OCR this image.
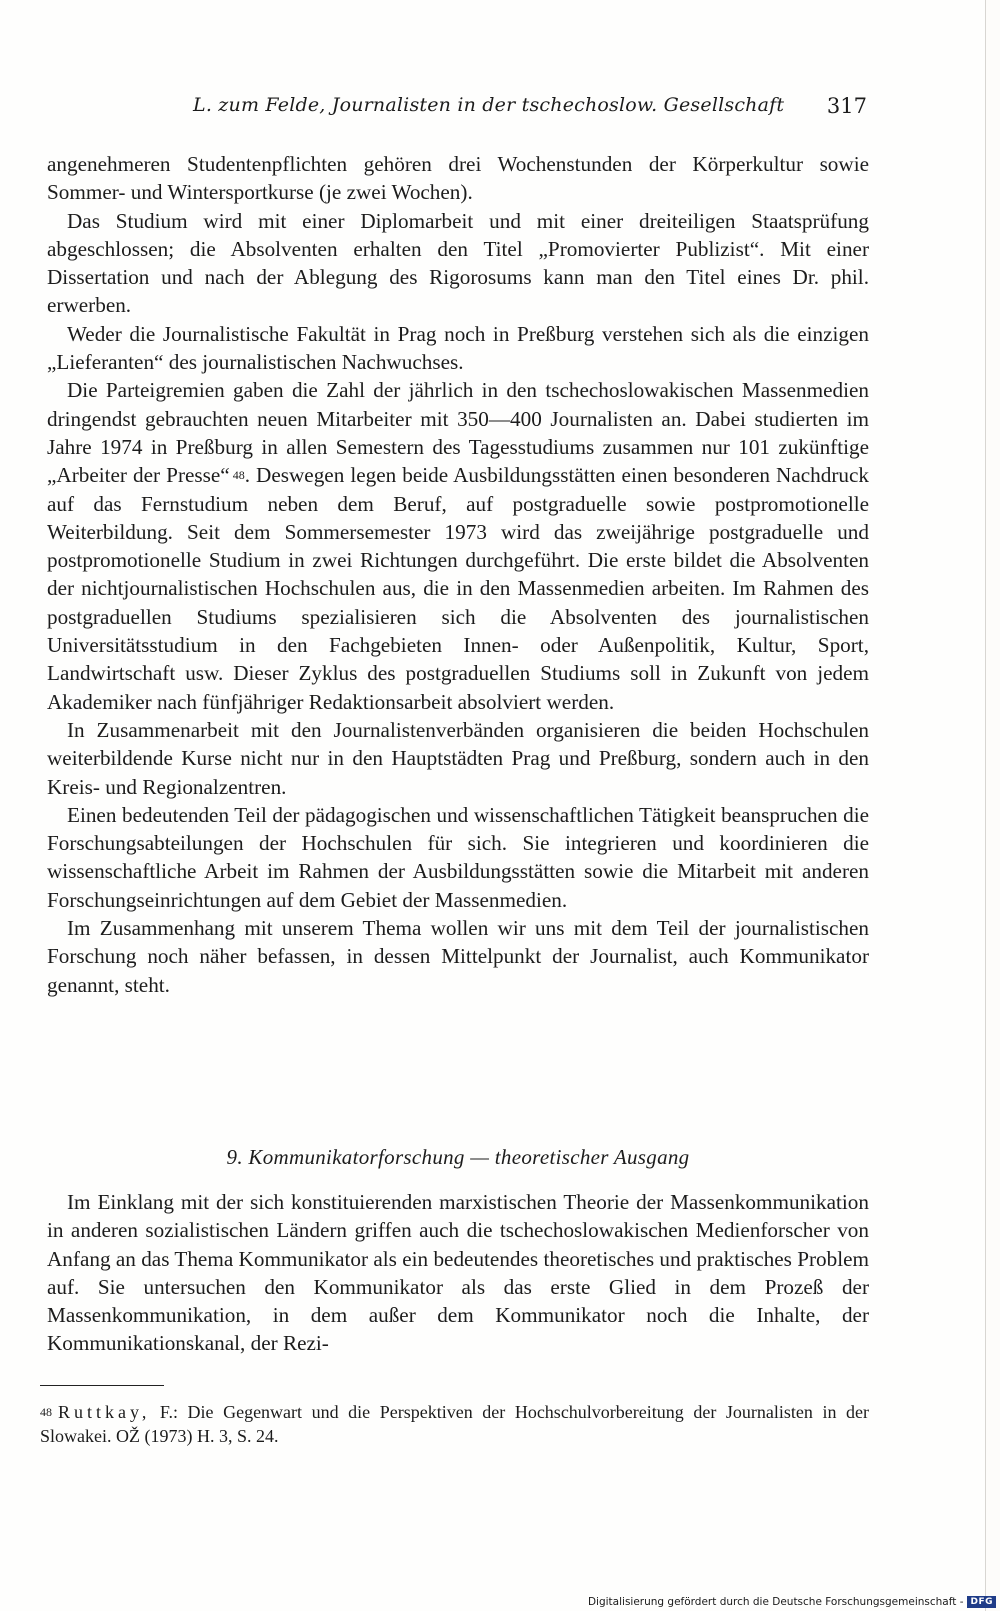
L. zum Felde, Journalisten in der tschechoslow. Gesellschaft 317

angenehmeren Studentenpflichten gehören drei Wochenstunden der Körperkultur sowie Sommer- und Wintersportkurse (je zwei Wochen).

Das Studium wird mit einer Diplomarbeit und mit einer dreiteiligen Staatsprüfung abgeschlossen; die Absolventen erhalten den Titel „Promovierter Publizist“. Mit einer Dissertation und nach der Ablegung des Rigorosums kann man den Titel eines Dr. phil. erwerben.

Weder die Journalistische Fakultät in Prag noch in Preßburg verstehen sich als die einzigen „Lieferanten“ des journalistischen Nachwuchses.

Die Parteigremien gaben die Zahl der jährlich in den tschechoslowakischen Massenmedien dringendst gebrauchten neuen Mitarbeiter mit 350—400 Journalisten an. Dabei studierten im Jahre 1974 in Preßburg in allen Semestern des Tagesstudiums zusammen nur 101 zukünftige „Arbeiter der Presse“ $^{48}$. Deswegen legen beide Ausbildungsstätten einen besonderen Nachdruck auf das Fernstudium neben dem Beruf, auf postgraduelle sowie postpromotionelle Weiterbildung. Seit dem Sommersemester 1973 wird das zweijährige postgraduelle und postpromotionelle Studium in zwei Richtungen durchgeführt. Die erste bildet die Absolventen der nichtjournalistischen Hochschulen aus, die in den Massenmedien arbeiten. Im Rahmen des postgraduellen Studiums spezialisieren sich die Absolventen des journalistischen Universitätsstudium in den Fachgebieten Innen- oder Außenpolitik, Kultur, Sport, Landwirtschaft usw. Dieser Zyklus des postgraduellen Studiums soll in Zukunft von jedem Akademiker nach fünfjähriger Redaktionsarbeit absolviert werden.

In Zusammenarbeit mit den Journalistenverbänden organisieren die beiden Hochschulen weiterbildende Kurse nicht nur in den Hauptstädten Prag und Preßburg, sondern auch in den Kreis- und Regionalzentren.

Einen bedeutenden Teil der pädagogischen und wissenschaftlichen Tätigkeit beanspruchen die Forschungsabteilungen der Hochschulen für sich. Sie integrieren und koordinieren die wissenschaftliche Arbeit im Rahmen der Ausbildungsstätten sowie die Mitarbeit mit anderen Forschungseinrichtungen auf dem Gebiet der Massenmedien.

Im Zusammenhang mit unserem Thema wollen wir uns mit dem Teil der journalistischen Forschung noch näher befassen, in dessen Mittelpunkt der Journalist, auch Kommunikator genannt, steht.

9. Kommunikatorforschung — theoretischer Ausgang

Im Einklang mit der sich konstituierenden marxistischen Theorie der Massenkommunikation in anderen sozialistischen Ländern griffen auch die tschechoslowakischen Medienforscher von Anfang an das Thema Kommunikator als ein bedeutendes theoretisches und praktisches Problem auf. Sie untersuchen den Kommunikator als das erste Glied in dem Prozeß der Massenkommunikation, in dem außer dem Kommunikator noch die Inhalte, der Kommunikationskanal, der Rezi-

$^{48}$ Ruttkay, F.: Die Gegenwart und die Perspektiven der Hochschulvorbereitung der Journalisten in der Slowakei. OŽ (1973) H. 3, S. 24.
Digitalisierung gefördert durch die Deutsche Forschungsgemeinschaft - DFG
